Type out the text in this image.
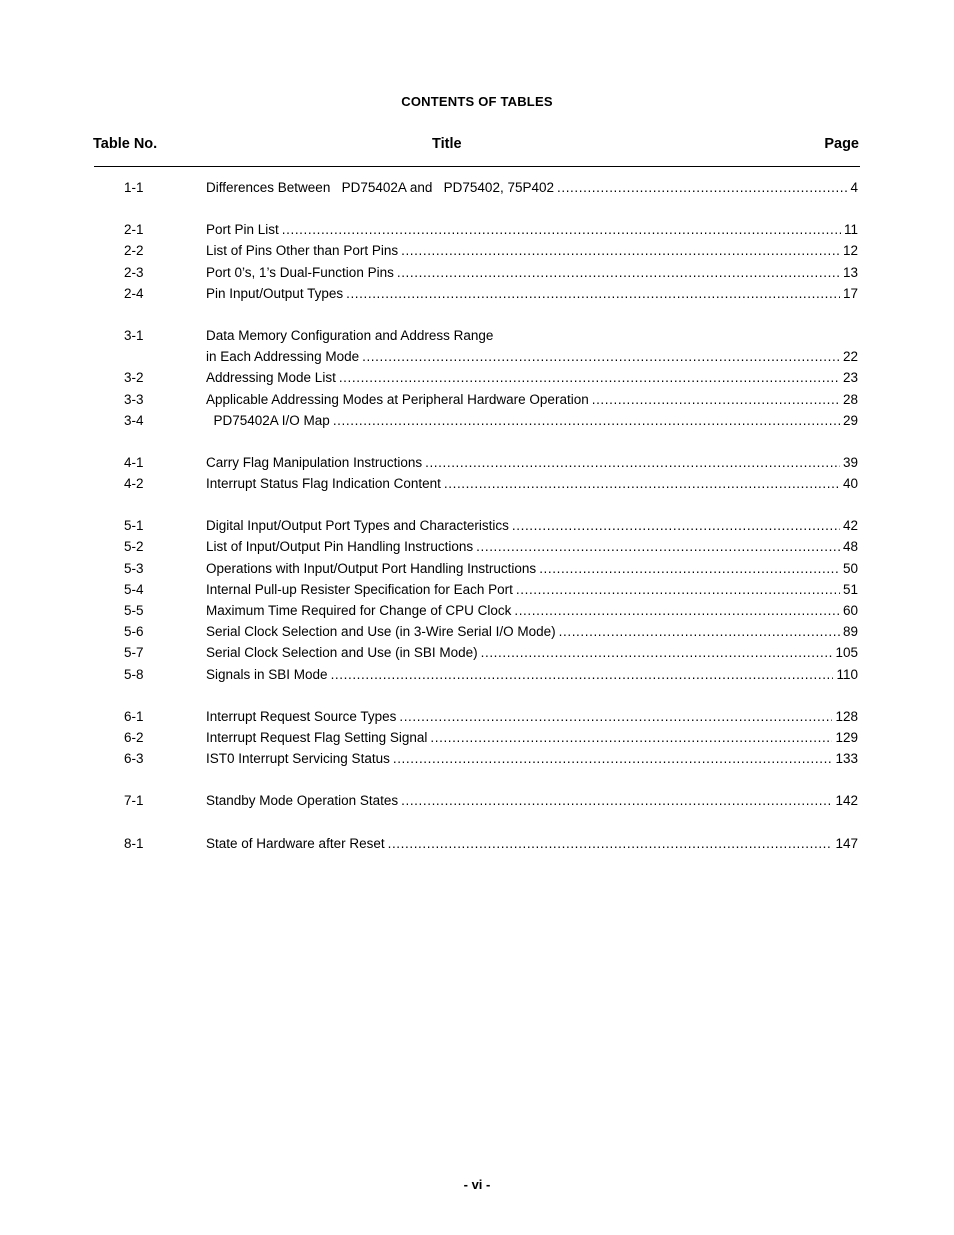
CONTENTS OF TABLES
Table No.	Title	Page
1-1	Differences Between   PD75402A and   PD75402, 75P402 .....	4
2-1	Port Pin List .....	11
2-2	List of Pins Other than Port Pins .....	12
2-3	Port 0’s, 1’s Dual-Function Pins .....	13
2-4	Pin Input/Output Types .....	17
3-1	Data Memory Configuration and Address Range
in Each Addressing Mode .....	22
3-2	Addressing Mode List .....	23
3-3	Applicable Addressing Modes at Peripheral Hardware Operation .....	28
3-4	PD75402A I/O Map .....	29
4-1	Carry Flag Manipulation Instructions .....	39
4-2	Interrupt Status Flag Indication Content .....	40
5-1	Digital Input/Output Port Types and Characteristics .....	42
5-2	List of Input/Output Pin Handling Instructions .....	48
5-3	Operations with Input/Output Port Handling Instructions .....	50
5-4	Internal Pull-up Resister Specification for Each Port .....	51
5-5	Maximum Time Required for Change of CPU Clock .....	60
5-6	Serial Clock Selection and Use (in 3-Wire Serial I/O Mode) .....	89
5-7	Serial Clock Selection and Use (in SBI Mode) .....	105
5-8	Signals in SBI Mode .....	110
6-1	Interrupt Request Source Types .....	128
6-2	Interrupt Request Flag Setting Signal .....	129
6-3	IST0 Interrupt Servicing Status .....	133
7-1	Standby Mode Operation States .....	142
8-1	State of Hardware after Reset .....	147
- vi -
